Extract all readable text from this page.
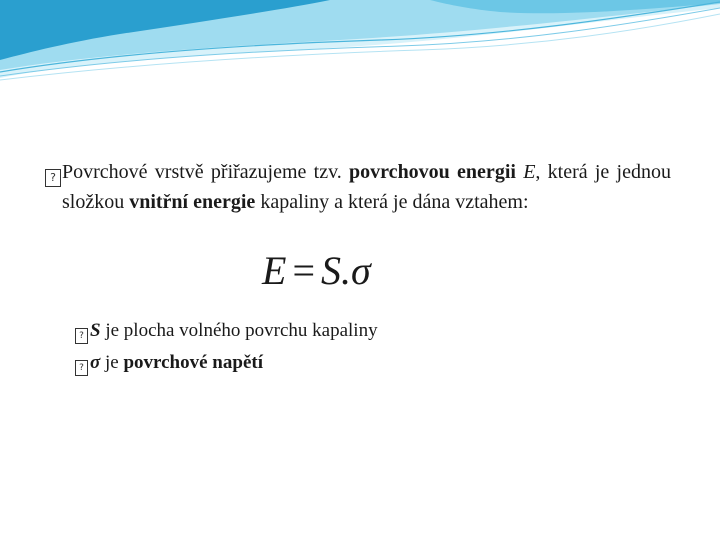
? Povrchové vrstvě přiřazujeme tzv. povrchovou energii E, která je jednou složkou vnitřní energie kapaliny a která je dána vztahem:
E = S.σ
? S je plocha volného povrchu kapaliny
? σ je povrchové napětí
